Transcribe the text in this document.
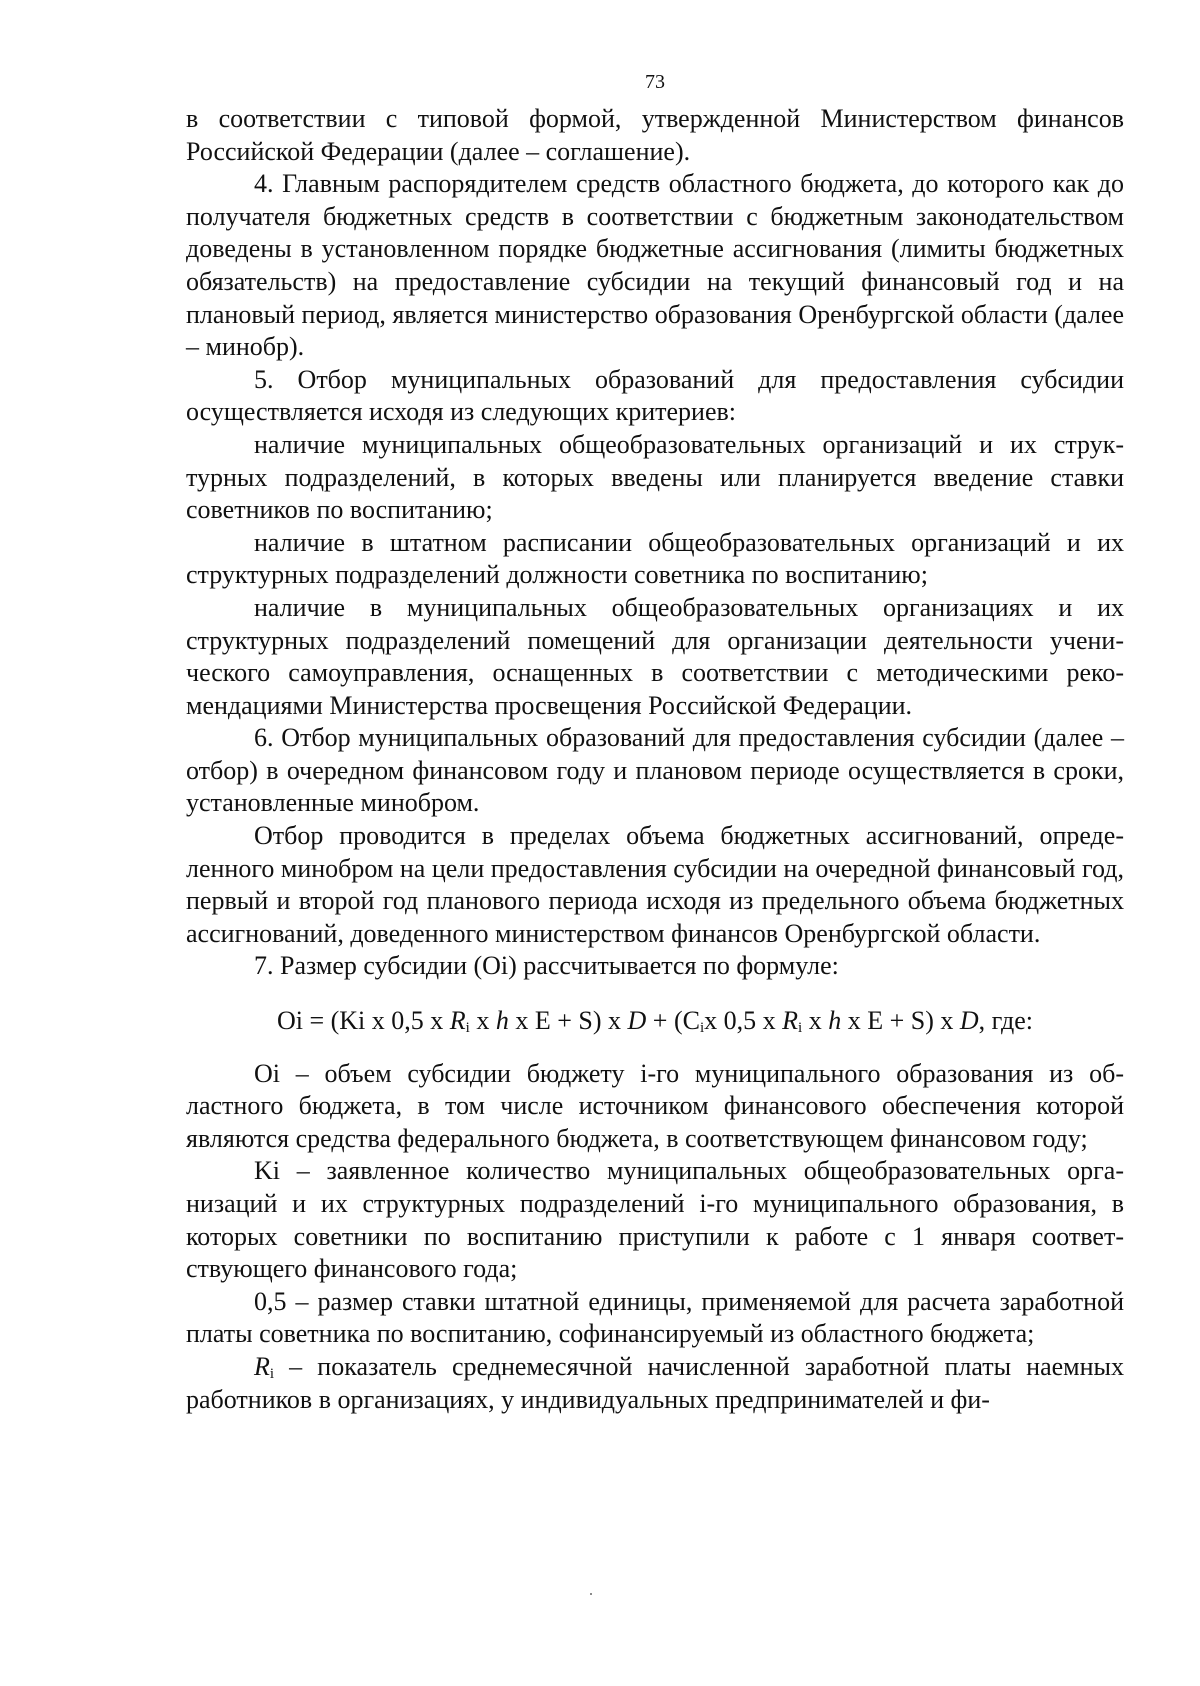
73

в соответствии с типовой формой, утвержденной Министерством финансов Российской Федерации (далее – соглашение).

4. Главным распорядителем средств областного бюджета, до которого как до получателя бюджетных средств в соответствии с бюджетным законодательством доведены в установленном порядке бюджетные ассигнования (лимиты бюджетных обязательств) на предоставление субсидии на текущий финансовый год и на плановый период, является министерство образования Оренбургской области (далее – минобр).

5. Отбор муниципальных образований для предоставления субсидии осуществляется исходя из следующих критериев:

наличие муниципальных общеобразовательных организаций и их структурных подразделений, в которых введены или планируется введение ставки советников по воспитанию;

наличие в штатном расписании общеобразовательных организаций и их структурных подразделений должности советника по воспитанию;

наличие в муниципальных общеобразовательных организациях и их структурных подразделений помещений для организации деятельности ученического самоуправления, оснащенных в соответствии с методическими рекомендациями Министерства просвещения Российской Федерации.

6. Отбор муниципальных образований для предоставления субсидии (далее – отбор) в очередном финансовом году и плановом периоде осуществляется в сроки, установленные минобром.

Отбор проводится в пределах объема бюджетных ассигнований, определенного минобром на цели предоставления субсидии на очередной финансовый год, первый и второй год планового периода исходя из предельного объема бюджетных ассигнований, доведенного министерством финансов Оренбургской области.

7. Размер субсидии (Oi) рассчитывается по формуле:

Oi = (Ki x 0,5 x $R_i$ x h x E + S) x $D + (C_ix$ 0,5 x $R_i$ x h x E + S) x D, где:

Oi – объем субсидии бюджету i-го муниципального образования из областного бюджета, в том числе источником финансового обеспечения которой являются средства федерального бюджета, в соответствующем финансовом году;

Ki – заявленное количество муниципальных общеобразовательных организаций и их структурных подразделений i-го муниципального образования, в которых советники по воспитанию приступили к работе с 1 января соответствующего финансового года;

0,5 – размер ставки штатной единицы, применяемой для расчета заработной платы советника по воспитанию, софинансируемый из областного бюджета;

$R_i$ – показатель среднемесячной начисленной заработной платы наемных работников в организациях, у индивидуальных предпринимателей и фи-
